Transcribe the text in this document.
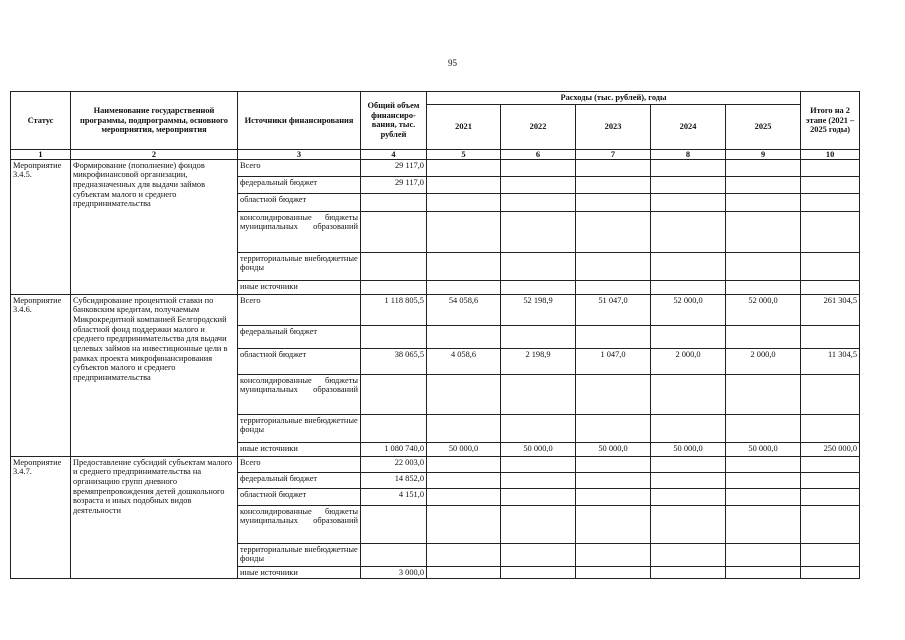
95
Статус	Наименование государственной программы, подпрограммы, основного мероприятия, мероприятия	Источники финансирования	Общий объем финансиро-вания, тыс. рублей	Расходы (тыс. рублей), годы					Итого на 2 этапе (2021 – 2025 годы)
				2021	2022	2023	2024	2025	
1	2	3	4	5	6	7	8	9	10
Мероприятие 3.4.5.	Формирование (пополнение) фондов микрофинансовой организации, предназначенных для выдачи займов субъектам малого и среднего предпринимательства	Всего	29 117,0						
		федеральный бюджет	29 117,0						
		областной бюджет							
		консолидированные бюджеты муниципальных образований							
		территориальные внебюджетные фонды							
		иные источники							
Мероприятие 3.4.6.	Субсидирование процентной ставки по банковским кредитам, получаемым Микрокредитной компанией Белгородский областной фонд поддержки малого и среднего предпринимательства для выдачи целевых займов на инвестиционные цели в рамках проекта микрофинансирования субъектов малого и среднего предпринимательства	Всего	1 118 805,5	54 058,6	52 198,9	51 047,0	52 000,0	52 000,0	261 304,5
		федеральный бюджет							
		областной бюджет	38 065,5	4 058,6	2 198,9	1 047,0	2 000,0	2 000,0	11 304,5
		консолидированные бюджеты муниципальных образований							
		территориальные внебюджетные фонды							
		иные источники	1 080 740,0	50 000,0	50 000,0	50 000,0	50 000,0	50 000,0	250 000,0
Мероприятие 3.4.7.	Предоставление субсидий субъектам малого и среднего предпринимательства на организацию групп дневного времяпрепровождения детей дошкольного возраста и иных подобных видов деятельности	Всего	22 003,0						
		федеральный бюджет	14 852,0						
		областной бюджет	4 151,0						
		консолидированные бюджеты муниципальных образований							
		территориальные внебюджетные фонды							
		иные источники	3 000,0						
